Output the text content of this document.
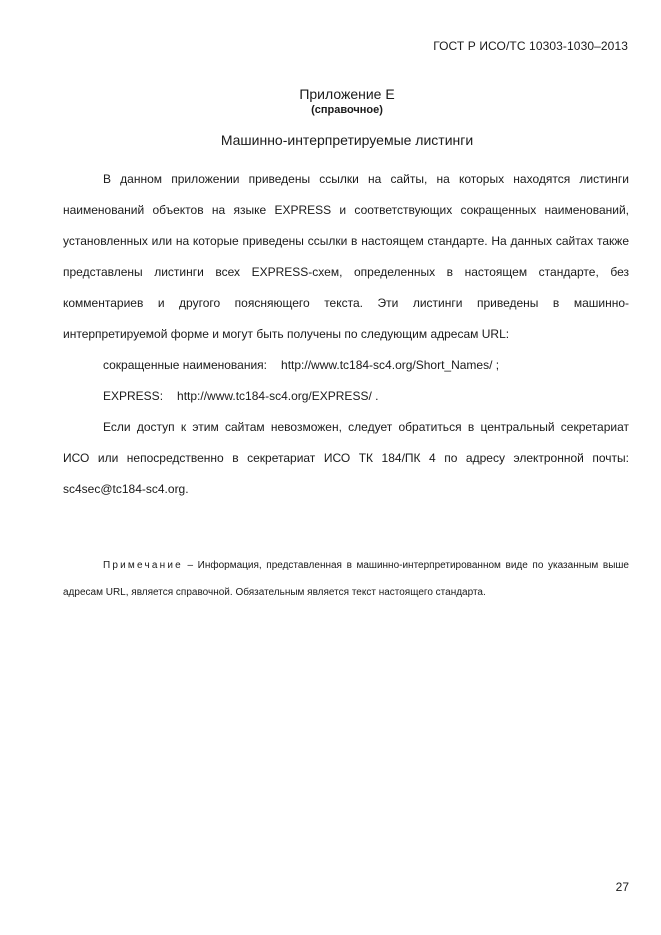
ГОСТ Р ИСО/ТС 10303-1030–2013
Приложение Е
(справочное)
Машинно-интерпретируемые листинги

В данном приложении приведены ссылки на сайты, на которых находятся листинги наименований объектов на языке EXPRESS и соответствующих сокращенных наименований, установленных или на которые приведены ссылки в настоящем стандарте. На данных сайтах также представлены листинги всех EXPRESS-схем, определенных в настоящем стандарте, без комментариев и другого поясняющего текста. Эти листинги приведены в машинно-интерпретируемой форме и могут быть получены по следующим адресам URL:

сокращенные наименования: http://www.tc184-sc4.org/Short_Names/ ;

EXPRESS: http://www.tc184-sc4.org/EXPRESS/ .

Если доступ к этим сайтам невозможен, следует обратиться в центральный секретариат ИСО или непосредственно в секретариат ИСО ТК 184/ПК 4 по адресу электронной почты: sc4sec@tc184-sc4.org.

Примечание – Информация, представленная в машинно-интерпретированном виде по указанным выше адресам URL, является справочной. Обязательным является текст настоящего стандарта.

27
